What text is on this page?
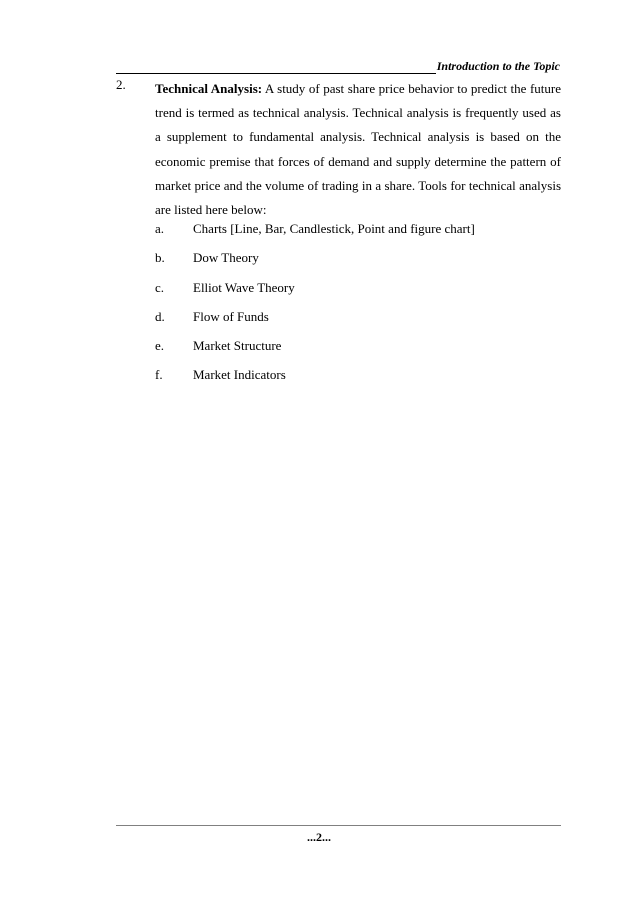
Introduction to the Topic
2. Technical Analysis: A study of past share price behavior to predict the future trend is termed as technical analysis. Technical analysis is frequently used as a supplement to fundamental analysis. Technical analysis is based on the economic premise that forces of demand and supply determine the pattern of market price and the volume of trading in a share. Tools for technical analysis are listed here below:
a. Charts [Line, Bar, Candlestick, Point and figure chart]
b. Dow Theory
c. Elliot Wave Theory
d. Flow of Funds
e. Market Structure
f. Market Indicators
...2...
